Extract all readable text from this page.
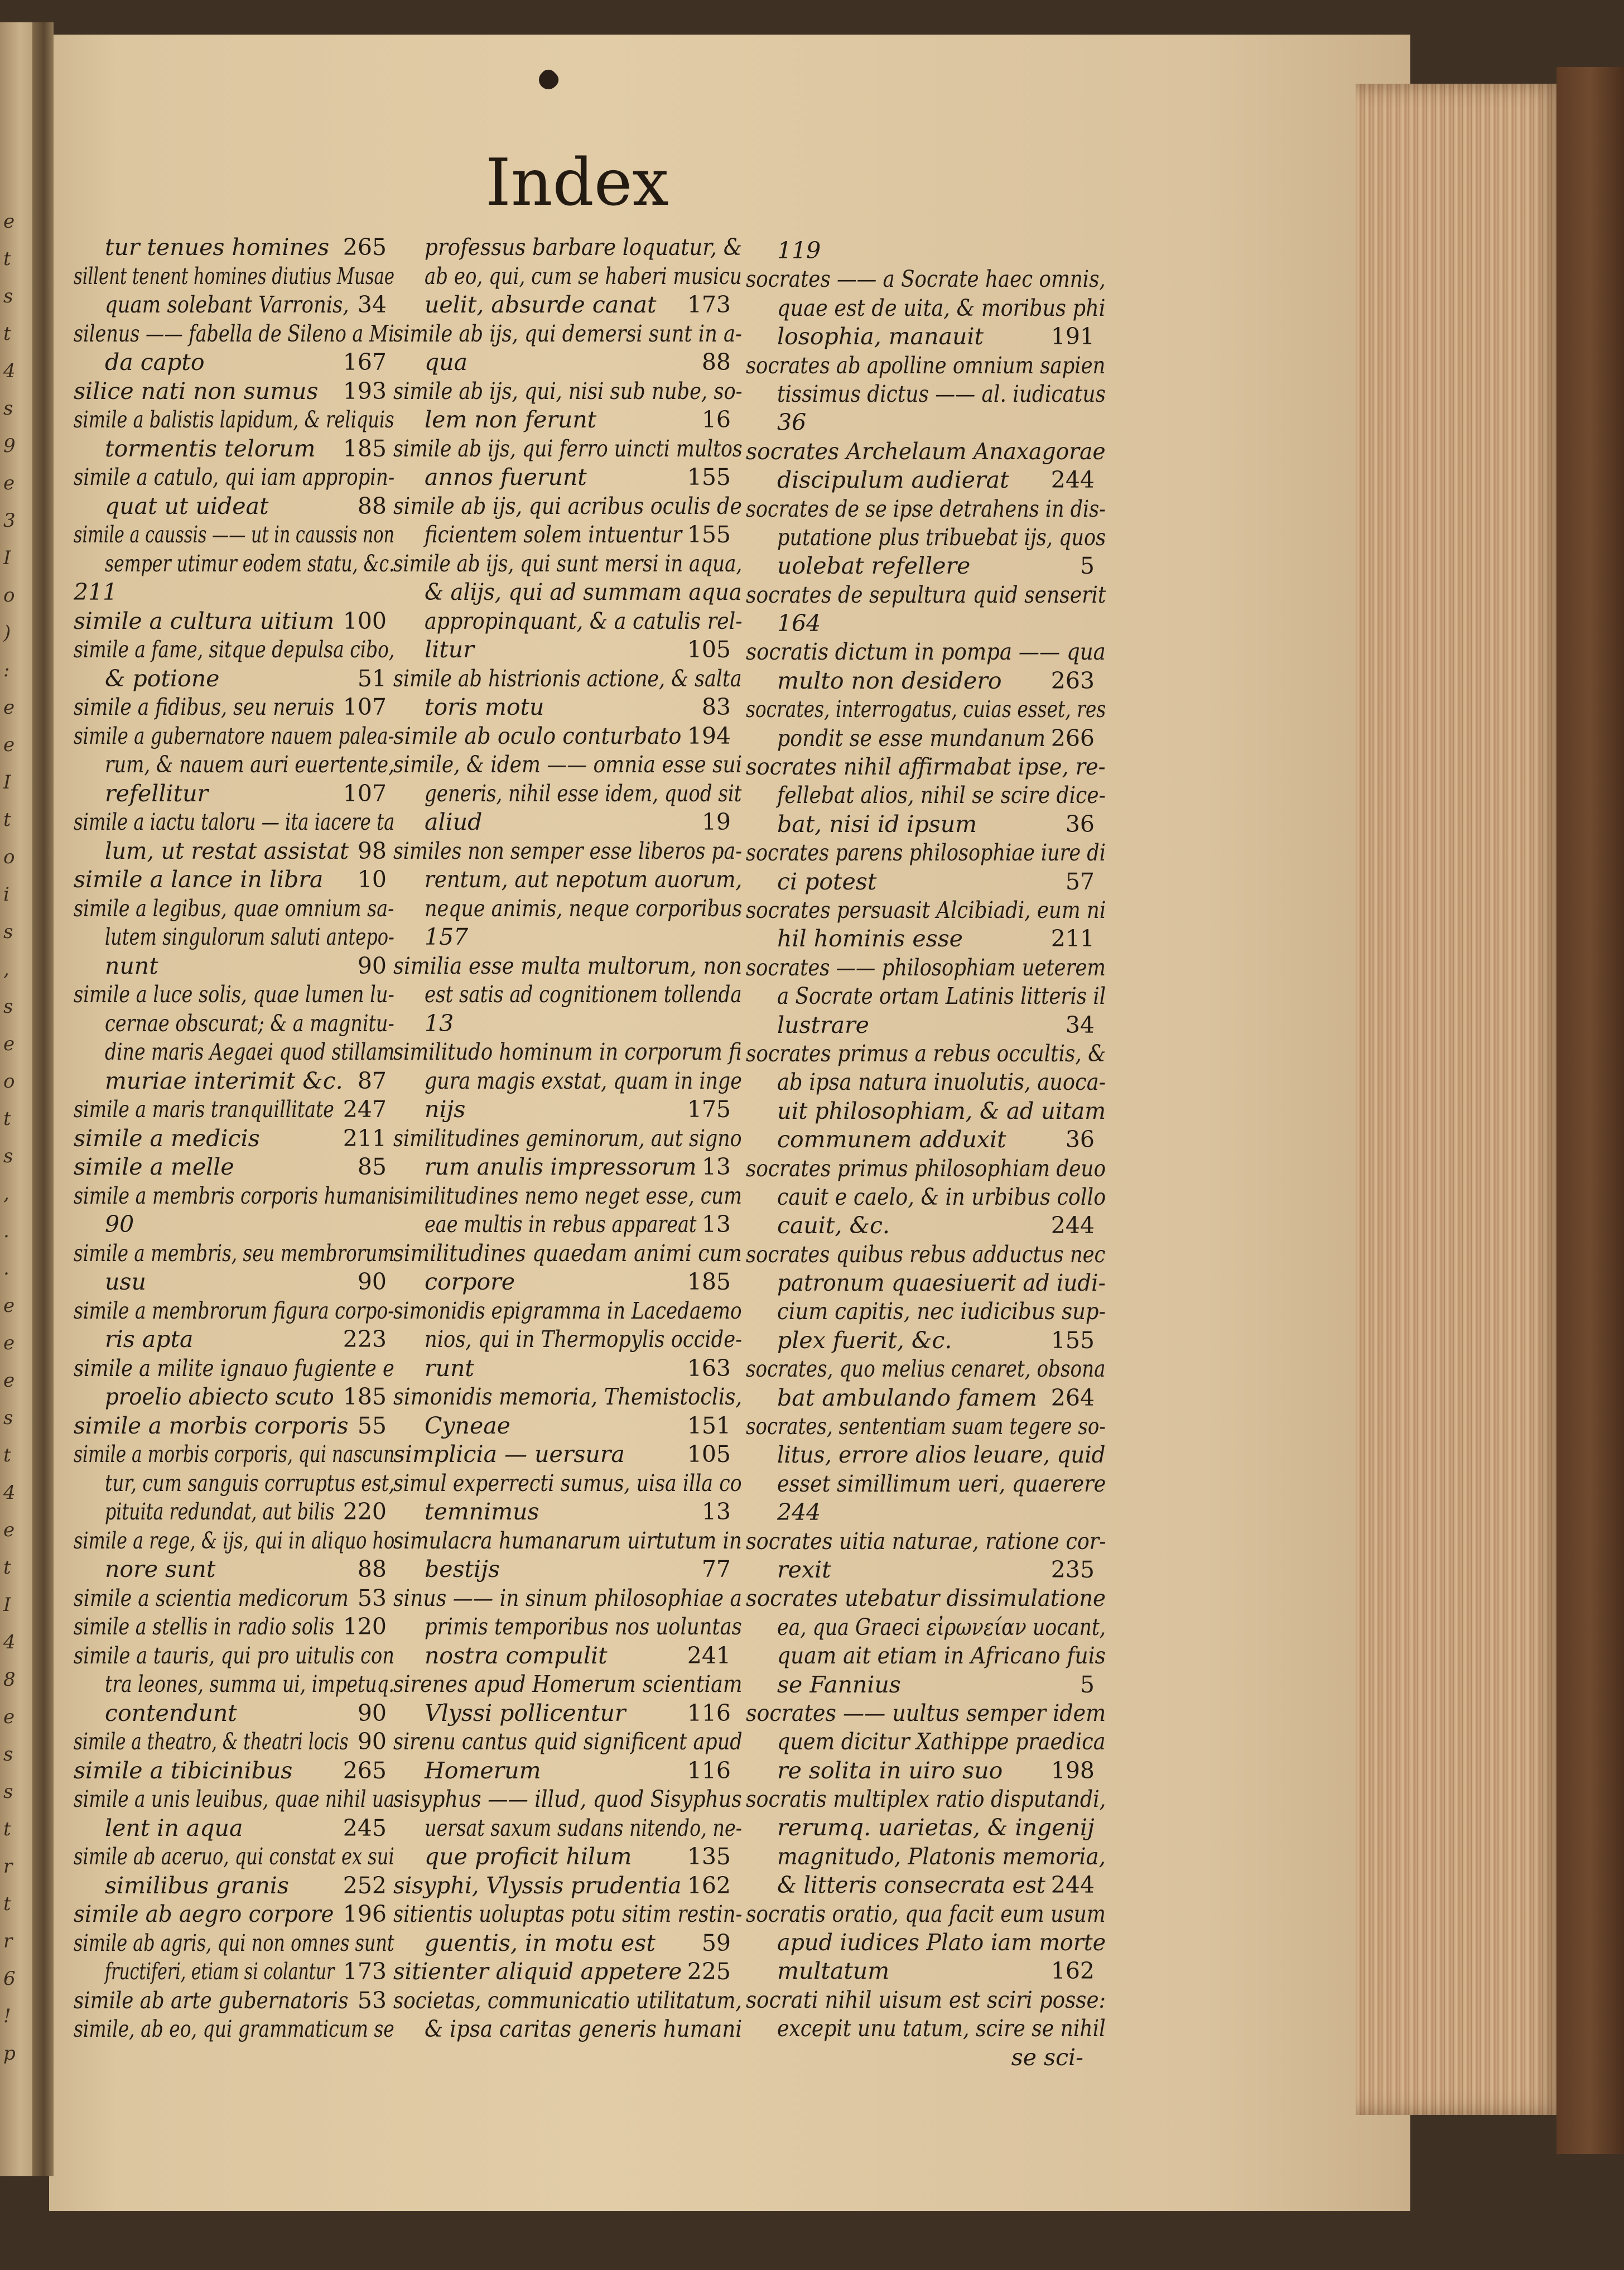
e
t
s
t
4
s
9
e
3
I
o
)
:
e
e
I
t
o
i
s
,
s
e
o
t
s
,
.
.
e
e
e
s
t
4
e
t
I
4
8
e
s
s
t
r
t
r
6
!
p
Index
tur tenues homines 265
sillent tenent homines diutius Musae
quam solebant Varronis, 34
silenus —— fabella de Sileno a Mi
da capto	167
silice nati non sumus 193
simile a balistis lapidum, & reliquis
tormentis telorum 185
simile a catulo, qui iam appropin-
quat ut uideat	88
simile a caussis —— ut in caussis non
semper utimur eodem statu, &c.
211
simile a cultura uitium 100
simile a fame, sitque depulsa cibo,
& potione	51
simile a fidibus, seu neruis 107
simile a gubernatore nauem palea-
rum, & nauem auri euertente,
refellitur	107
simile a iactu taloru — ita iacere ta
lum, ut restat assistat 98
simile a lance in libra 10
simile a legibus, quae omnium sa-
lutem singulorum saluti antepo-
nunt	90
simile a luce solis, quae lumen lu-
cernae obscurat; & a magnitu-
dine maris Aegaei quod stillam
muriae interimit &c. 87
simile a maris tranquillitate 247
simile a medicis	211
simile a melle	85
simile a membris corporis humani
90
simile a membris, seu membrorum
usu	90
simile a membrorum figura corpo-
ris apta	223
simile a milite ignauo fugiente e
proelio abiecto scuto 185
simile a morbis corporis 55
simile a morbis corporis, qui nascun
tur, cum sanguis corruptus est,
pituita redundat, aut bilis 220
simile a rege, & ijs, qui in aliquo ho
nore sunt	88
simile a scientia medicorum 53
simile a stellis in radio solis 120
simile a tauris, qui pro uitulis con
tra leones, summa ui, impetuq.
contendunt	90
simile a theatro, & theatri locis 90
simile a tibicinibus 265
simile a unis leuibus, quae nihil ua
lent in aqua	245
simile ab aceruo, qui constat ex sui
similibus granis 252
simile ab aegro corpore 196
simile ab agris, qui non omnes sunt
fructiferi, etiam si colantur 173
simile ab arte gubernatoris 53
simile, ab eo, qui grammaticum se
professus barbare loquatur, &
ab eo, qui, cum se haberi musicu
uelit, absurde canat 173
simile ab ijs, qui demersi sunt in a-
qua	88
simile ab ijs, qui, nisi sub nube, so-
lem non ferunt	16
simile ab ijs, qui ferro uincti multos
annos fuerunt	155
simile ab ijs, qui acribus oculis de
ficientem solem intuentur 155
simile ab ijs, qui sunt mersi in aqua,
& alijs, qui ad summam aqua
appropinquant, & a catulis rel-
litur	105
simile ab histrionis actione, & salta
toris motu	83
simile ab oculo conturbato 194
simile, & idem —— omnia esse sui
generis, nihil esse idem, quod sit
aliud	19
similes non semper esse liberos pa-
rentum, aut nepotum auorum,
neque animis, neque corporibus
157
similia esse multa multorum, non
est satis ad cognitionem tollenda
13
similitudo hominum in corporum fi
gura magis exstat, quam in inge
nijs	175
similitudines geminorum, aut signo
rum anulis impressorum 13
similitudines nemo neget esse, cum
eae multis in rebus appareat 13
similitudines quaedam animi cum
corpore	185
simonidis epigramma in Lacedaemo
nios, qui in Thermopylis occide-
runt	163
simonidis memoria, Themistoclis,
Cyneae	151
simplicia — uersura	105
simul experrecti sumus, uisa illa co
temnimus	13
simulacra humanarum uirtutum in
bestijs	77
sinus —— in sinum philosophiae a
primis temporibus nos uoluntas
nostra compulit	241
sirenes apud Homerum scientiam
Vlyssi pollicentur	116
sirenu cantus quid significent apud
Homerum	116
sisyphus —— illud, quod Sisyphus
uersat saxum sudans nitendo, ne-
que proficit hilum 135
sisyphi, Vlyssis prudentia 162
sitientis uoluptas potu sitim restin-
guentis, in motu est 59
sitienter aliquid appetere 225
societas, communicatio utilitatum,
& ipsa caritas generis humani
119
socrates —— a Socrate haec omnis,
quae est de uita, & moribus phi
losophia, manauit	191
socrates ab apolline omnium sapien
tissimus dictus —— al. iudicatus
36
socrates Archelaum Anaxagorae
discipulum audierat 244
socrates de se ipse detrahens in dis-
putatione plus tribuebat ijs, quos
uolebat refellere	5
socrates de sepultura quid senserit
164
socratis dictum in pompa —— qua
multo non desidero 263
socrates, interrogatus, cuias esset, res
pondit se esse mundanum 266
socrates nihil affirmabat ipse, re-
fellebat alios, nihil se scire dice-
bat, nisi id ipsum	36
socrates parens philosophiae iure di
ci potest	57
socrates persuasit Alcibiadi, eum ni
hil hominis esse	211
socrates —— philosophiam ueterem
a Socrate ortam Latinis litteris il
lustrare	34
socrates primus a rebus occultis, &
ab ipsa natura inuolutis, auoca-
uit philosophiam, & ad uitam
communem adduxit	36
socrates primus philosophiam deuo
cauit e caelo, & in urbibus collo
cauit, &c.	244
socrates quibus rebus adductus nec
patronum quaesiuerit ad iudi-
cium capitis, nec iudicibus sup-
plex fuerit, &c.	155
socrates, quo melius cenaret, obsona
bat ambulando famem 264
socrates, sententiam suam tegere so-
litus, errore alios leuare, quid
esset simillimum ueri, quaerere
244
socrates uitia naturae, ratione cor-
rexit	235
socrates utebatur dissimulatione
ea, qua Graeci εἰρωνείαν uocant,
quam ait etiam in Africano fuis
se Fannius	5
socrates —— uultus semper idem
quem dicitur Xathippe praedica
re solita in uiro suo 198
socratis multiplex ratio disputandi,
rerumq. uarietas, & ingenij
magnitudo, Platonis memoria,
& litteris consecrata est 244
socratis oratio, qua facit eum usum
apud iudices Plato iam morte
multatum	162
socrati nihil uisum est sciri posse:
excepit unu tatum, scire se nihil
se sci-
